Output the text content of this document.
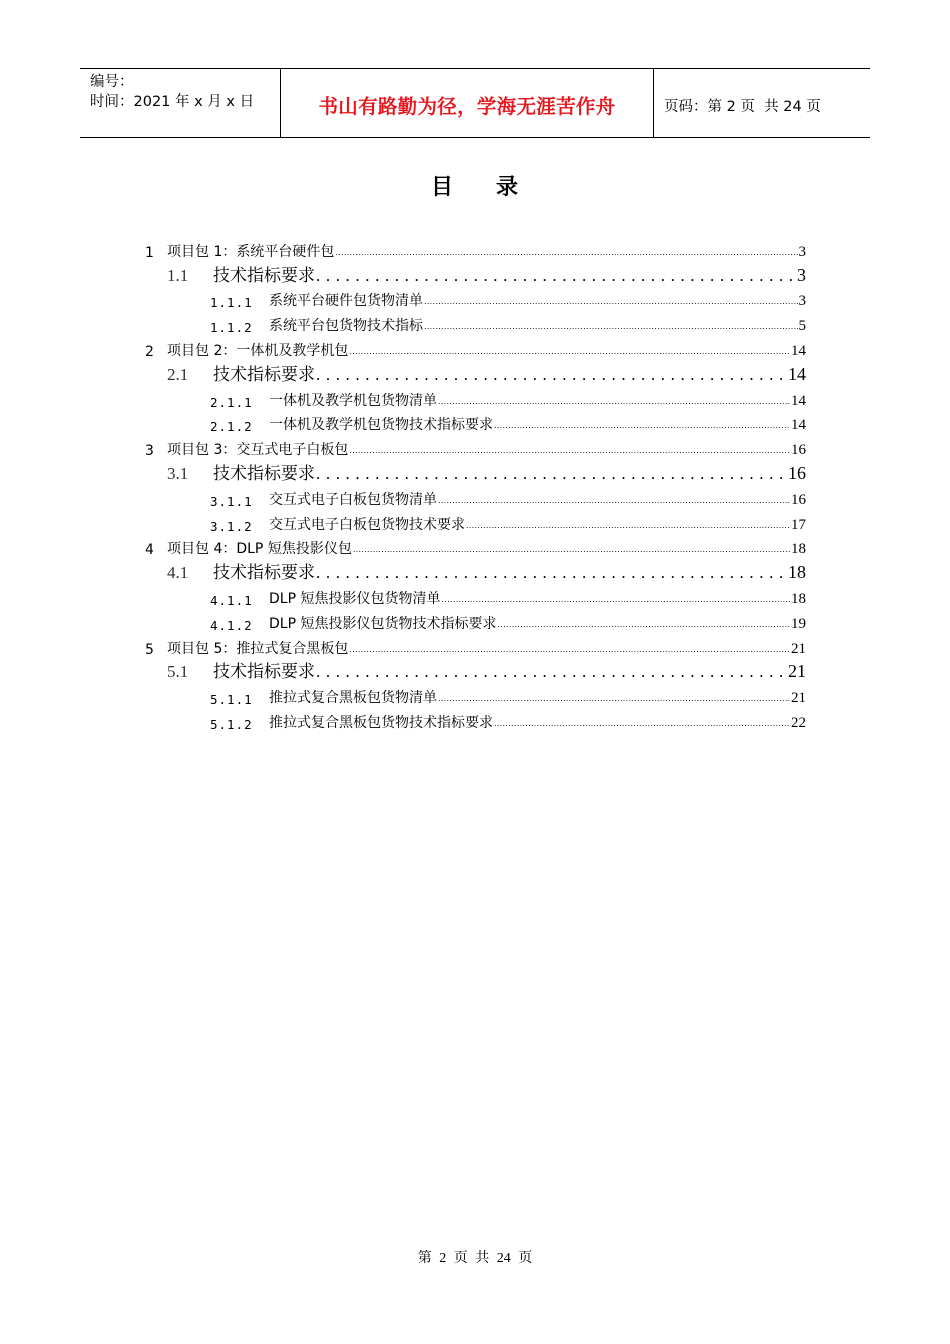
编号：
时间：2021 年 x 月 x 日	书山有路勤为径，学海无涯苦作舟	页码：第 2 页  共 24 页
目 录
1 项目包 1：系统平台硬件包 .....	3
1.1	技术指标要求 .....	3
1.1.1	系统平台硬件包货物清单 .....	3
1.1.2	系统平台包货物技术指标 .....	5
2 项目包 2：一体机及教学机包 .....	14
2.1	技术指标要求 .....	14
2.1.1	一体机及教学机包货物清单 .....	14
2.1.2	一体机及教学机包货物技术指标要求 .....	14
3 项目包 3：交互式电子白板包 .....	16
3.1	技术指标要求 .....	16
3.1.1	交互式电子白板包货物清单 .....	16
3.1.2	交互式电子白板包货物技术要求 .....	17
4 项目包 4：DLP 短焦投影仪包 .....	18
4.1	技术指标要求 .....	18
4.1.1	DLP 短焦投影仪包货物清单 .....	18
4.1.2	DLP 短焦投影仪包货物技术指标要求 .....	19
5 项目包 5：推拉式复合黑板包 .....	21
5.1	技术指标要求 .....	21
5.1.1	推拉式复合黑板包货物清单 .....	21
5.1.2	推拉式复合黑板包货物技术指标要求 .....	22
第 2 页 共 24 页
